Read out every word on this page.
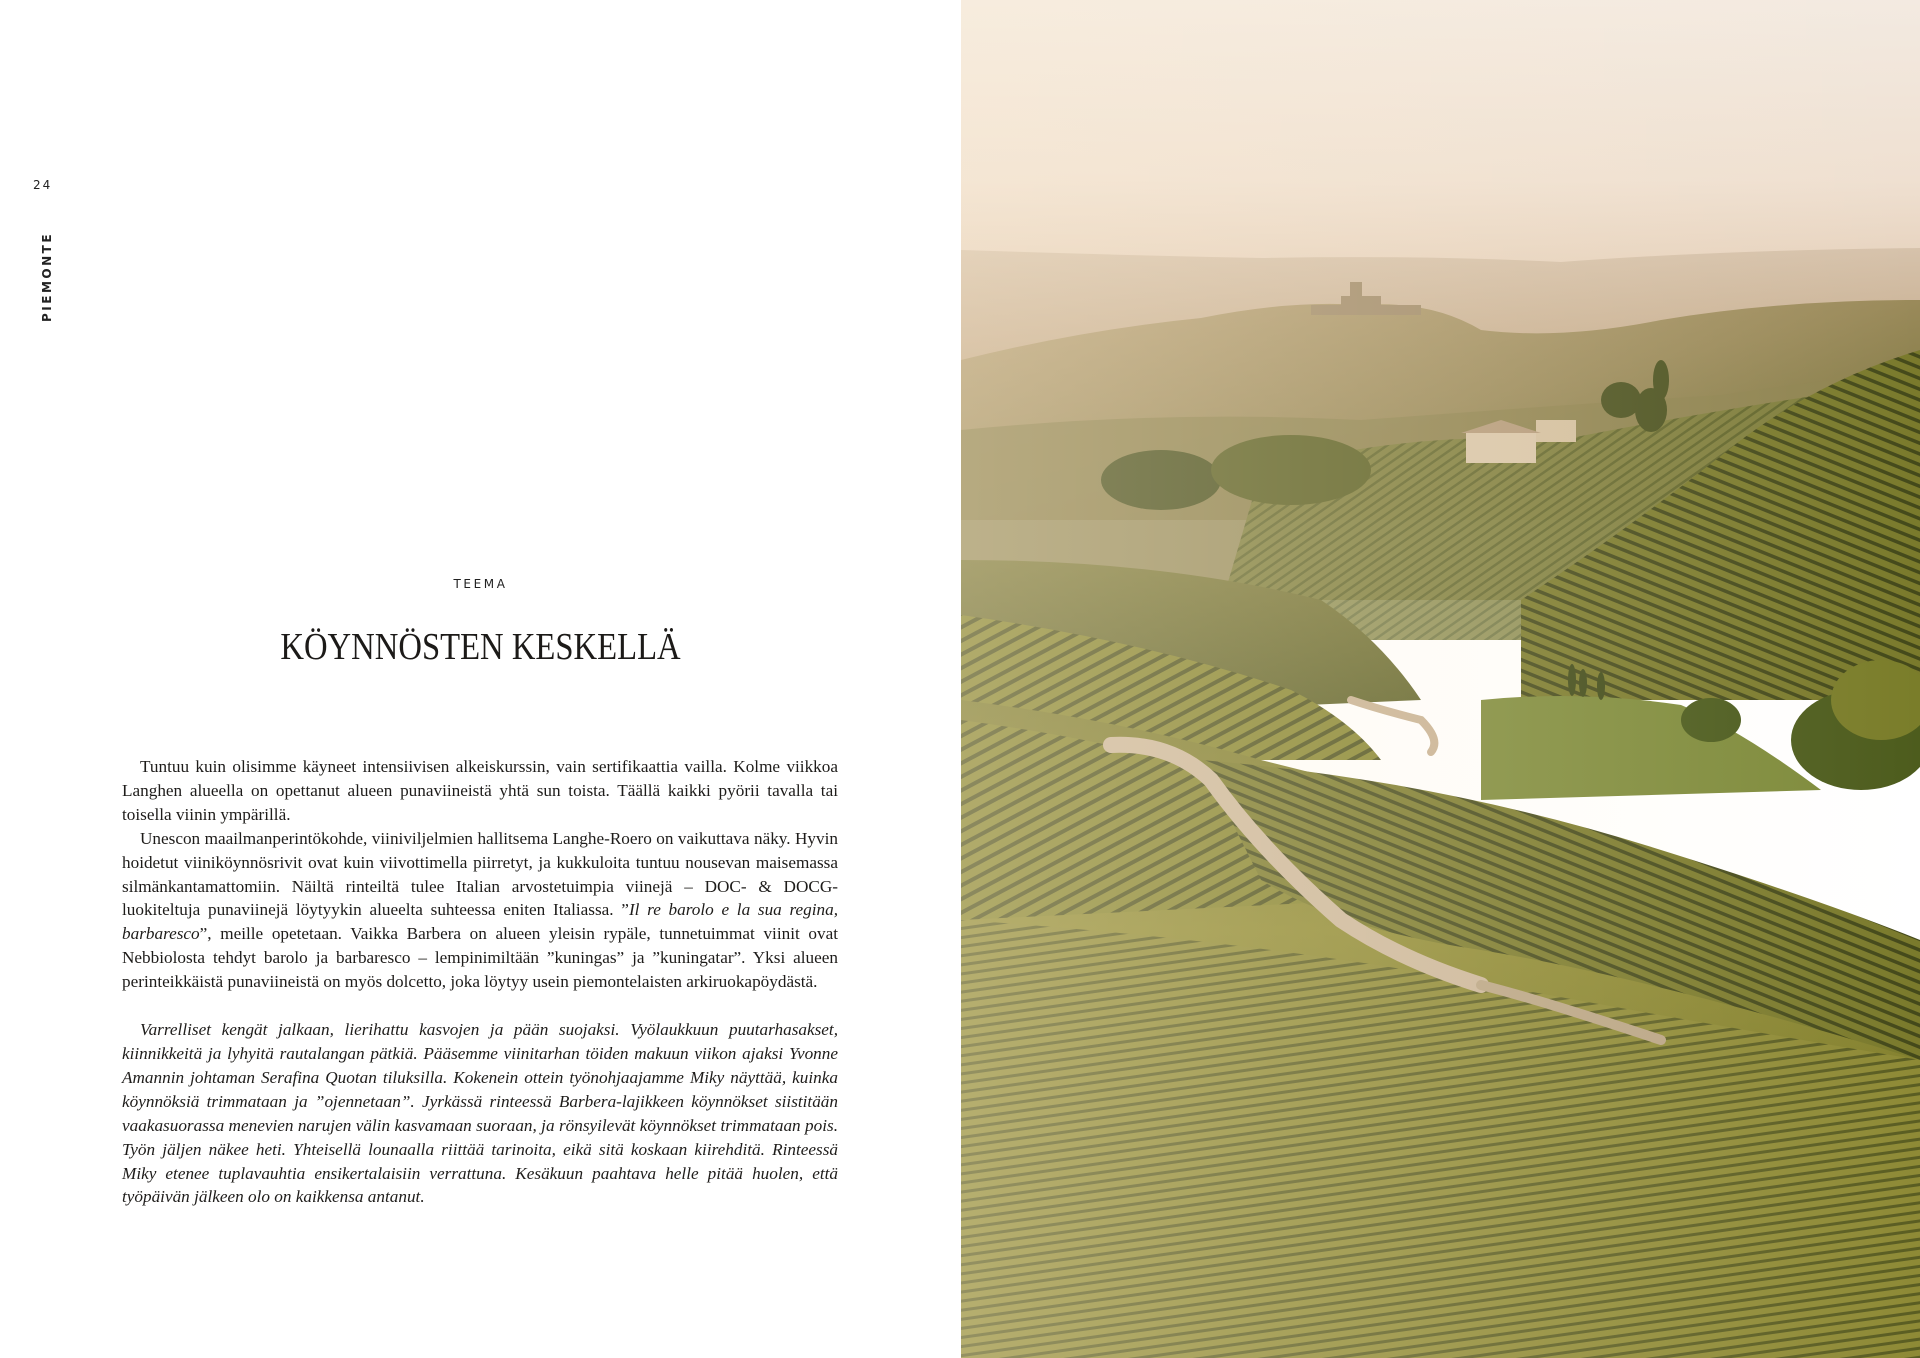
24
PIEMONTE
TEEMA
KÖYNNÖSTEN KESKELLÄ

Tuntuu kuin olisimme käyneet intensiivisen alkeiskurssin, vain sertifikaattia vailla. Kolme viikkoa Langhen alueella on opettanut alueen punaviineistä yhtä sun toista. Täällä kaikki pyörii tavalla tai toisella viinin ympärillä.

Unescon maailmanperintökohde, viiniviljelmien hallitsema Langhe-Roero on vaikuttava näky. Hyvin hoidetut viiniköynnösrivit ovat kuin viivottimella piirretyt, ja kukkuloita tuntuu nousevan maisemassa silmänkantamattomiin. Näiltä rinteiltä tulee Italian arvostetuimpia viinejä – DOC- & DOCG-luokiteltuja punaviinejä löytyykin alueelta suhteessa eniten Italiassa. ”Il re barolo e la sua regina, barbaresco”, meille opetetaan. Vaikka Barbera on alueen yleisin rypäle, tunnetuimmat viinit ovat Nebbiolosta tehdyt barolo ja barbaresco – lempinimiltään ”kuningas” ja ”kuningatar”. Yksi alueen perinteikkäistä punaviineistä on myös dolcetto, joka löytyy usein piemontelaisten arkiruokapöydästä.

Varrelliset kengät jalkaan, lierihattu kasvojen ja pään suojaksi. Vyölaukkuun puutarhasakset, kiinnikkeitä ja lyhyitä rautalangan pätkiä. Pääsemme viinitarhan töiden makuun viikon ajaksi Yvonne Amannin johtaman Serafina Quotan tiluksilla. Kokenein ottein työnohjaajamme Miky näyttää, kuinka köynnöksiä trimmataan ja ”ojennetaan”. Jyrkässä rinteessä Barbera-lajikkeen köynnökset siistitään vaakasuorassa menevien narujen välin kasvamaan suoraan, ja rönsyilevät köynnökset trimmataan pois. Työn jäljen näkee heti. Yhteisellä lounaalla riittää tarinoita, eikä sitä koskaan kiirehditä. Rinteessä Miky etenee tuplavauhtia ensikertalaisiin verrattuna. Kesäkuun paahtava helle pitää huolen, että työpäivän jälkeen olo on kaikkensa antanut.
